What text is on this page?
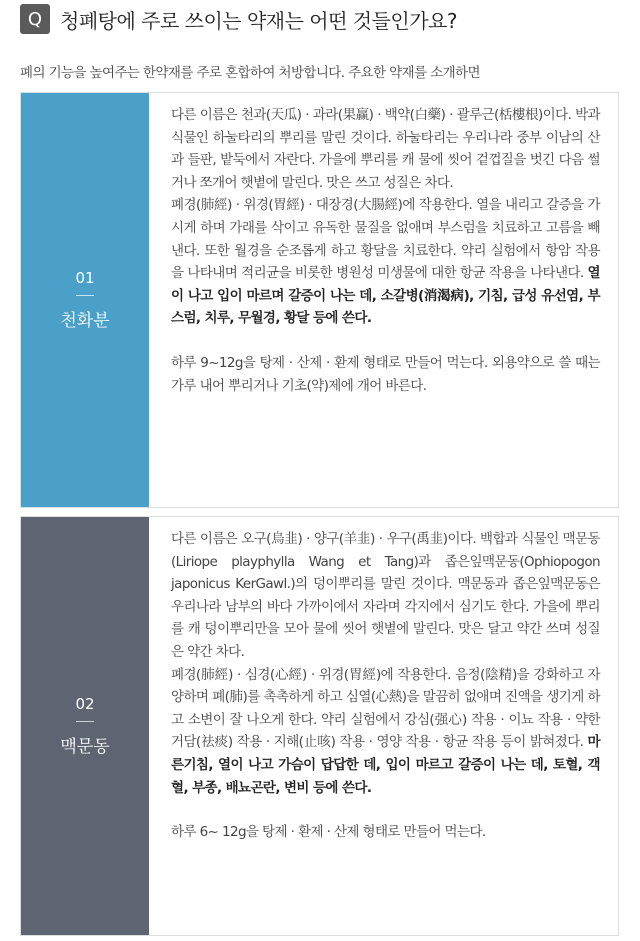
Q 청폐탕에 주로 쓰이는 약재는 어떤 것들인가요?
폐의 기능을 높여주는 한약재를 주로 혼합하여 처방합니다. 주요한 약재를 소개하면
01
천화분

다른 이름은 천과(天瓜) · 과라(果赢) · 백약(白藥) · 괄루근(栝樓根)이다. 박과 식물인 하눌타리의 뿌리를 말린 것이다. 하눌타리는 우리나라 중부 이남의 산과 들판, 밭둑에서 자란다. 가을에 뿌리를 캐 물에 씻어 겉껍질을 벗긴 다음 썰거나 쪼개어 햇볕에 말린다. 맛은 쓰고 성질은 차다.

폐경(肺經) · 위경(胃經) · 대장경(大腸經)에 작용한다. 열을 내리고 갈증을 가시게 하며 가래를 삭이고 유독한 물질을 없애며 부스럼을 치료하고 고름을 빼낸다. 또한 월경을 순조롭게 하고 황달을 치료한다. 약리 실험에서 항암 작용을 나타내며 적리균을 비롯한 병원성 미생물에 대한 항균 작용을 나타낸다. 열이 나고 입이 마르며 갈증이 나는 데, 소갈병(消渴病), 기침, 급성 유선염, 부스럼, 치루, 무월경, 황달 등에 쓴다.

하루 9~12g을 탕제 · 산제 · 환제 형태로 만들어 먹는다. 외용약으로 쓸 때는 가루 내어 뿌리거나 기초(약)제에 개어 바른다.

02
맥문동

다른 이름은 오구(烏韭) · 양구(羊韭) · 우구(禹韭)이다. 백합과 식물인 맥문동(Liriope playphylla Wang et Tang)과 좁은잎맥문동(Ophiopogon japonicus KerGawl.)의 덩이뿌리를 말린 것이다. 맥문동과 좁은잎맥문동은 우리나라 남부의 바다 가까이에서 자라며 각지에서 심기도 한다. 가을에 뿌리를 캐 덩이뿌리만을 모아 물에 씻어 햇볕에 말린다. 맛은 달고 약간 쓰며 성질은 약간 차다.

폐경(肺經) · 심경(心經) · 위경(胃經)에 작용한다. 음정(陰精)을 강화하고 자양하며 폐(肺)를 촉촉하게 하고 심열(心熱)을 말끔히 없애며 진액을 생기게 하고 소변이 잘 나오게 한다. 약리 실험에서 강심(强心) 작용 · 이뇨 작용 · 약한 거담(祛痰) 작용 · 지해(止咳) 작용 · 영양 작용 · 항균 작용 등이 밝혀졌다. 마른기침, 열이 나고 가슴이 답답한 데, 입이 마르고 갈증이 나는 데, 토혈, 객혈, 부종, 배뇨곤란, 변비 등에 쓴다.

하루 6~ 12g을 탕제 · 환제 · 산제 형태로 만들어 먹는다.
